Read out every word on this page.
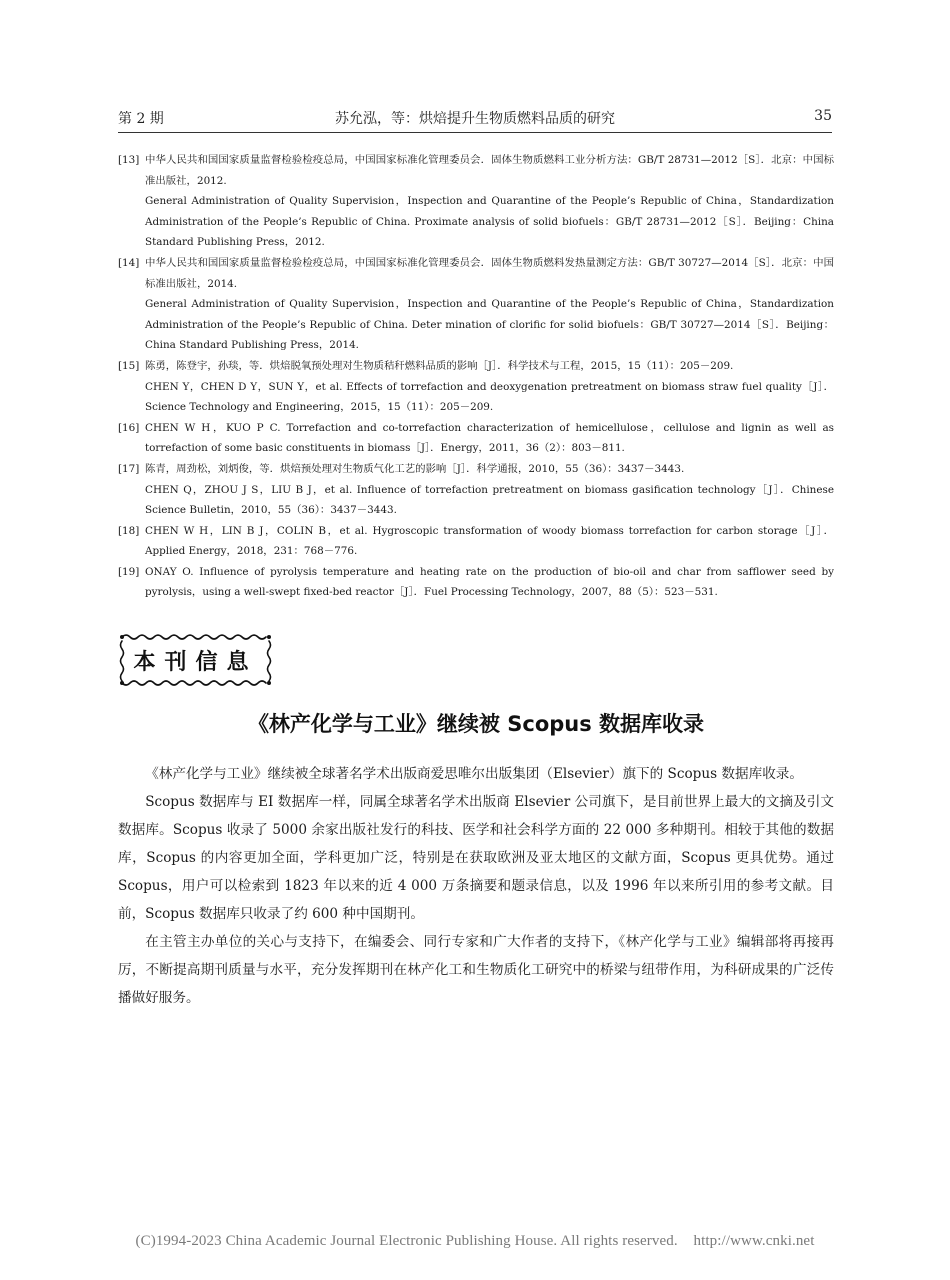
第 2 期	苏允泓，等：烘焙提升生物质燃料品质的研究	35
[13] 中华人民共和国国家质量监督检验检疫总局，中国国家标准化管理委员会．固体生物质燃料工业分析方法：GB/T 28731—2012［S］．北京：中国标准出版社，2012.

General Administration of Quality Supervision，Inspection and Quarantine of the People’s Republic of China，Standardization Administration of the People’s Republic of China. Proximate analysis of solid biofuels：GB/T 28731—2012［S］．Beijing：China Standard Publishing Press，2012.

[14] 中华人民共和国国家质量监督检验检疫总局，中国国家标准化管理委员会．固体生物质燃料发热量测定方法：GB/T 30727—2014［S］．北京：中国标准出版社，2014.

General Administration of Quality Supervision，Inspection and Quarantine of the People’s Republic of China，Standardization Administration of the People’s Republic of China. Deter mination of clorific for solid biofuels：GB/T 30727—2014［S］．Beijing：China Standard Publishing Press，2014.

[15] 陈勇，陈登宇，孙琰，等．烘焙脱氧预处理对生物质秸秆燃料品质的影响［J］．科学技术与工程，2015，15（11）：205－209.

CHEN Y，CHEN D Y，SUN Y，et al. Effects of torrefaction and deoxygenation pretreatment on biomass straw fuel quality［J］．Science Technology and Engineering，2015，15（11）：205－209.

[16] CHEN W H，KUO P C. Torrefaction and co-torrefaction characterization of hemicellulose，cellulose and lignin as well as torrefaction of some basic constituents in biomass［J］．Energy，2011，36（2）：803－811.

[17] 陈青，周劲松，刘炳俊，等．烘焙预处理对生物质气化工艺的影响［J］．科学通报，2010，55（36）：3437－3443.

CHEN Q，ZHOU J S，LIU B J，et al. Influence of torrefaction pretreatment on biomass gasification technology［J］．Chinese Science Bulletin，2010，55（36）：3437－3443.

[18] CHEN W H，LIN B J，COLIN B，et al. Hygroscopic transformation of woody biomass torrefaction for carbon storage［J］．Applied Energy，2018，231：768－776.

[19] ONAY O. Influence of pyrolysis temperature and heating rate on the production of bio-oil and char from safflower seed by pyrolysis，using a well-swept fixed-bed reactor［J］．Fuel Processing Technology，2007，88（5）：523－531.

本刊信息
《林产化学与工业》继续被 Scopus 数据库收录

《林产化学与工业》继续被全球著名学术出版商爱思唯尔出版集团（Elsevier）旗下的 Scopus 数据库收录。

Scopus 数据库与 EI 数据库一样，同属全球著名学术出版商 Elsevier 公司旗下，是目前世界上最大的文摘及引文数据库。Scopus 收录了 5000 余家出版社发行的科技、医学和社会科学方面的 22 000 多种期刊。相较于其他的数据库，Scopus 的内容更加全面，学科更加广泛，特别是在获取欧洲及亚太地区的文献方面，Scopus 更具优势。通过 Scopus，用户可以检索到 1823 年以来的近 4 000 万条摘要和题录信息，以及 1996 年以来所引用的参考文献。目前，Scopus 数据库只收录了约 600 种中国期刊。

在主管主办单位的关心与支持下，在编委会、同行专家和广大作者的支持下，《林产化学与工业》编辑部将再接再厉，不断提高期刊质量与水平，充分发挥期刊在林产化工和生物质化工研究中的桥梁与纽带作用，为科研成果的广泛传播做好服务。

(C)1994-2023 China Academic Journal Electronic Publishing House. All rights reserved. http://www.cnki.net
